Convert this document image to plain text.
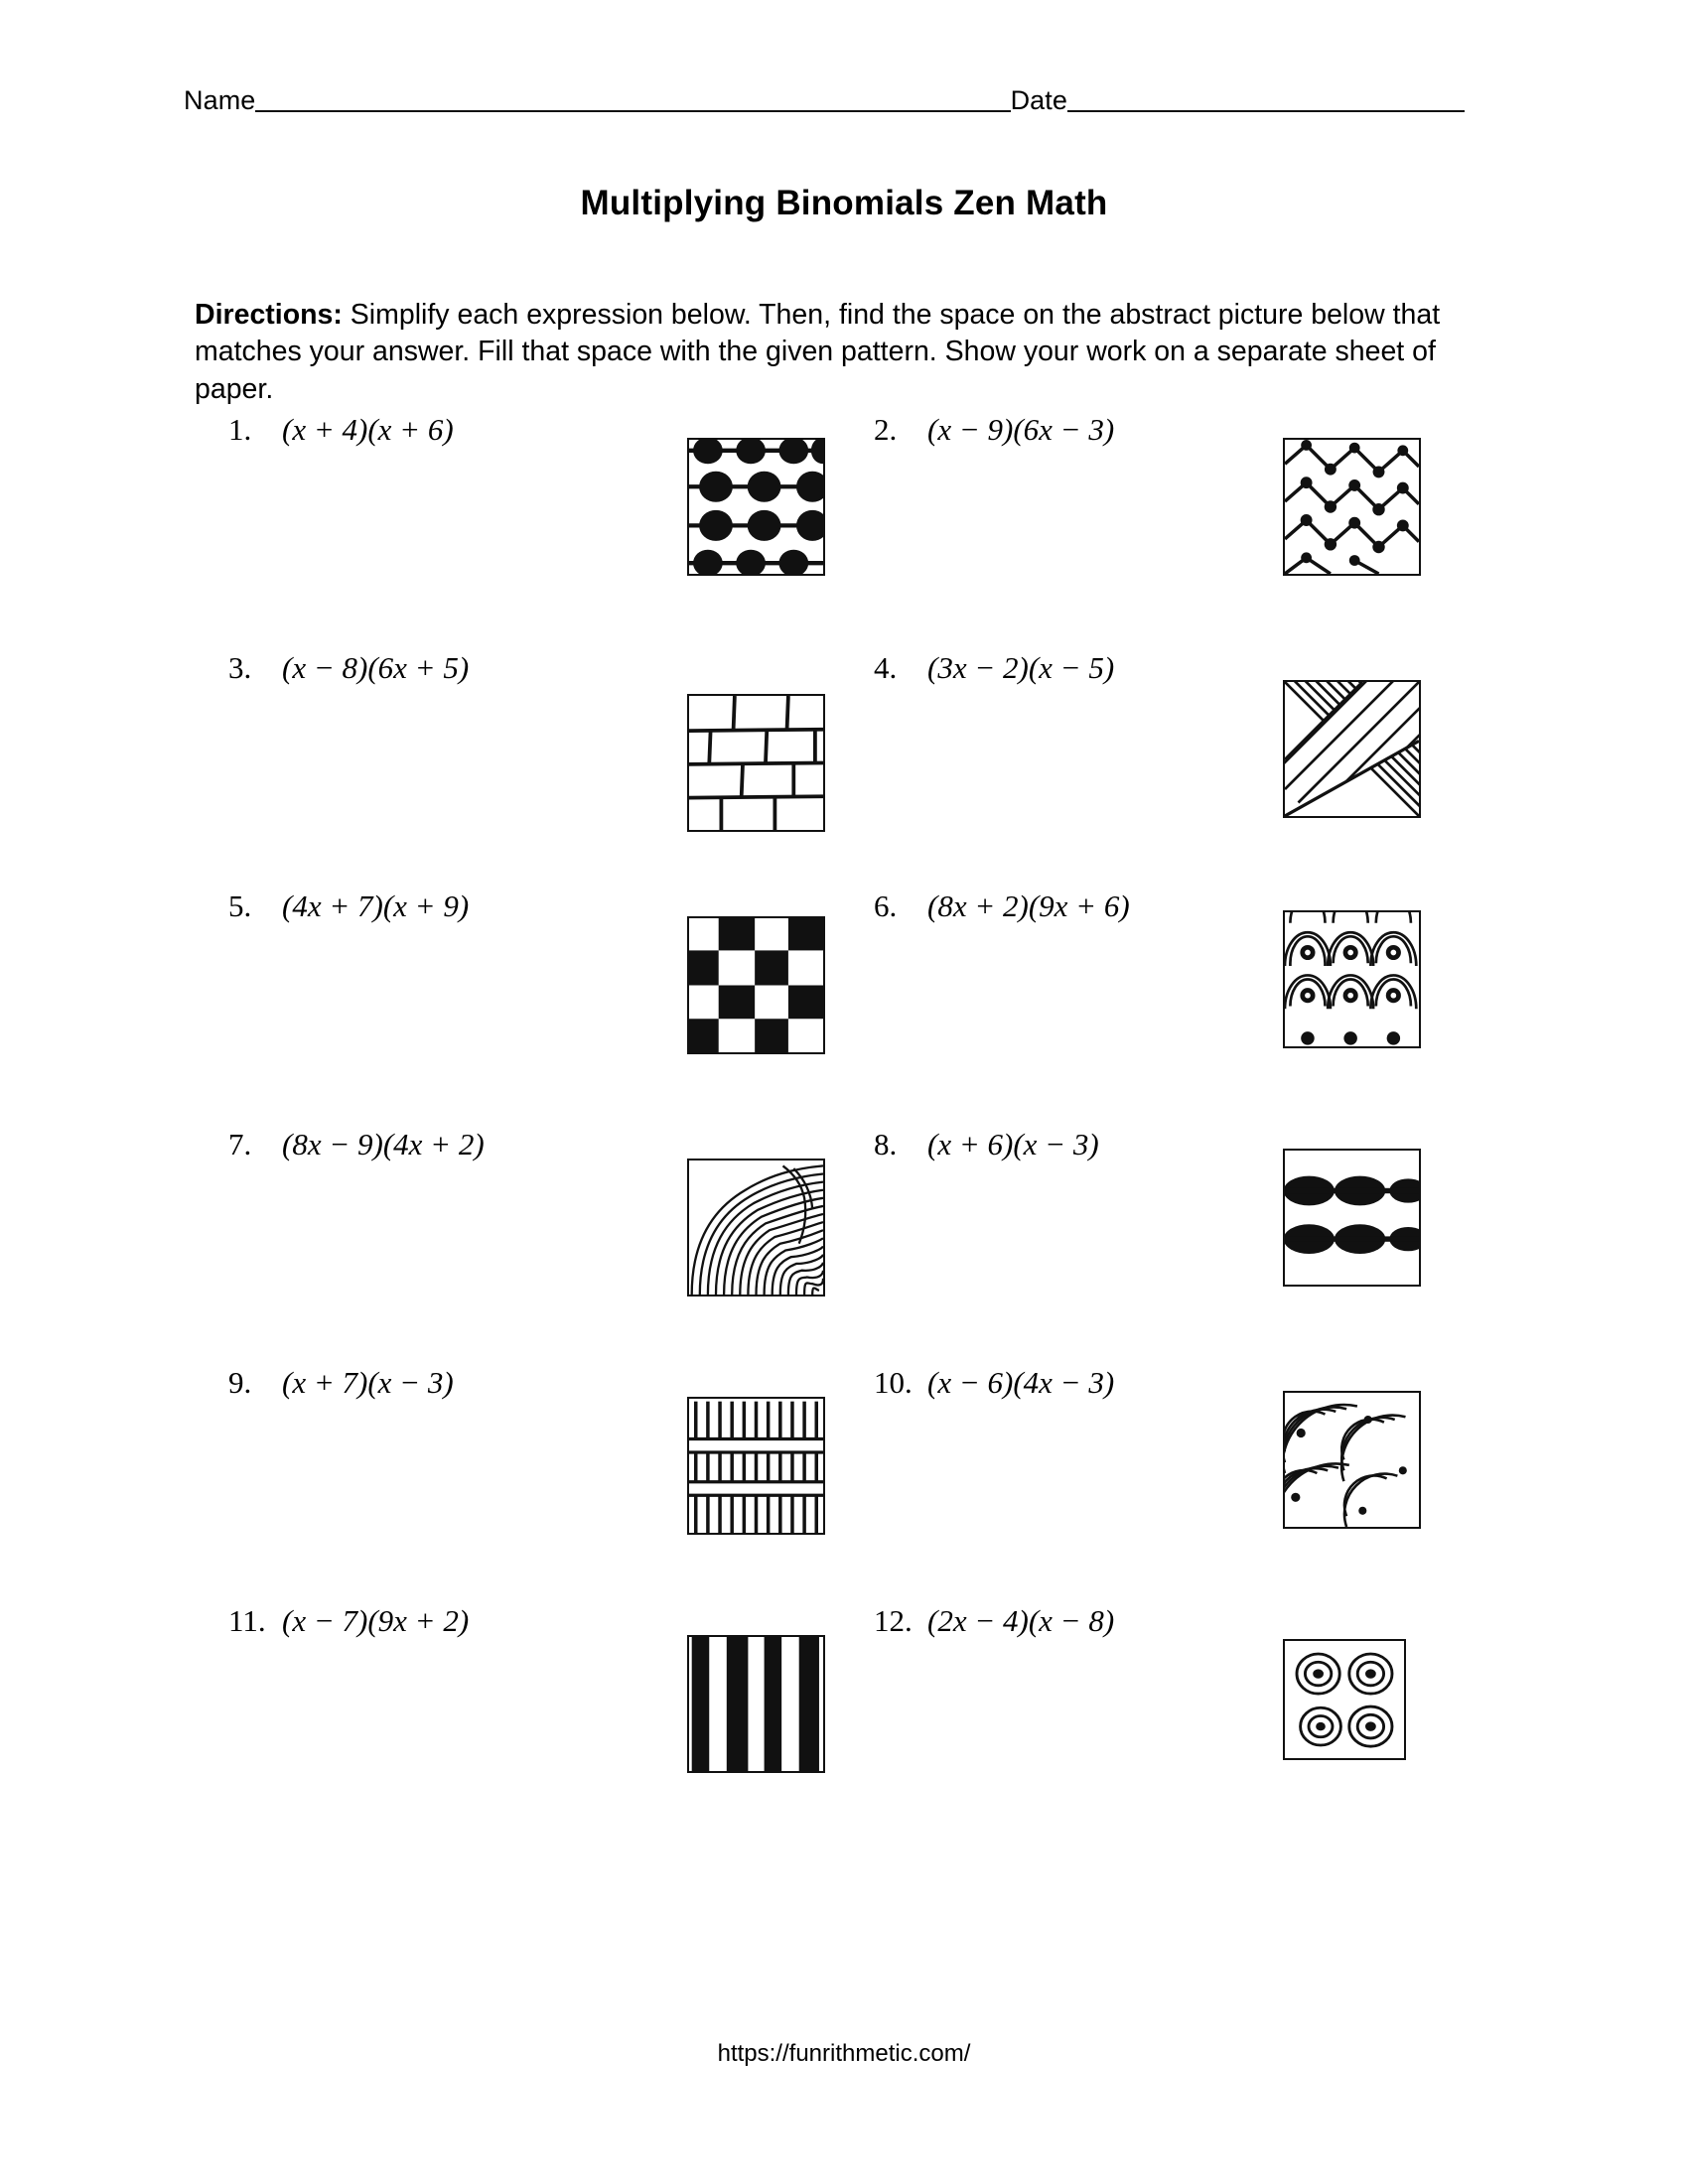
Name	Date
Multiplying Binomials Zen Math

Directions: Simplify each expression below. Then, find the space on the abstract picture below that matches your answer. Fill that space with the given pattern. Show your work on a separate sheet of paper.

1. (x + 4)(x + 6)	2. (x − 9)(6x − 3)
3. (x − 8)(6x + 5)	4. (3x − 2)(x − 5)
5. (4x + 7)(x + 9)	6. (8x + 2)(9x + 6)
7. (8x − 9)(4x + 2)	8. (x + 6)(x − 3)
9. (x + 7)(x − 3)	10. (x − 6)(4x − 3)
11. (x − 7)(9x + 2)	12. (2x − 4)(x − 8)
https://funrithmetic.com/
